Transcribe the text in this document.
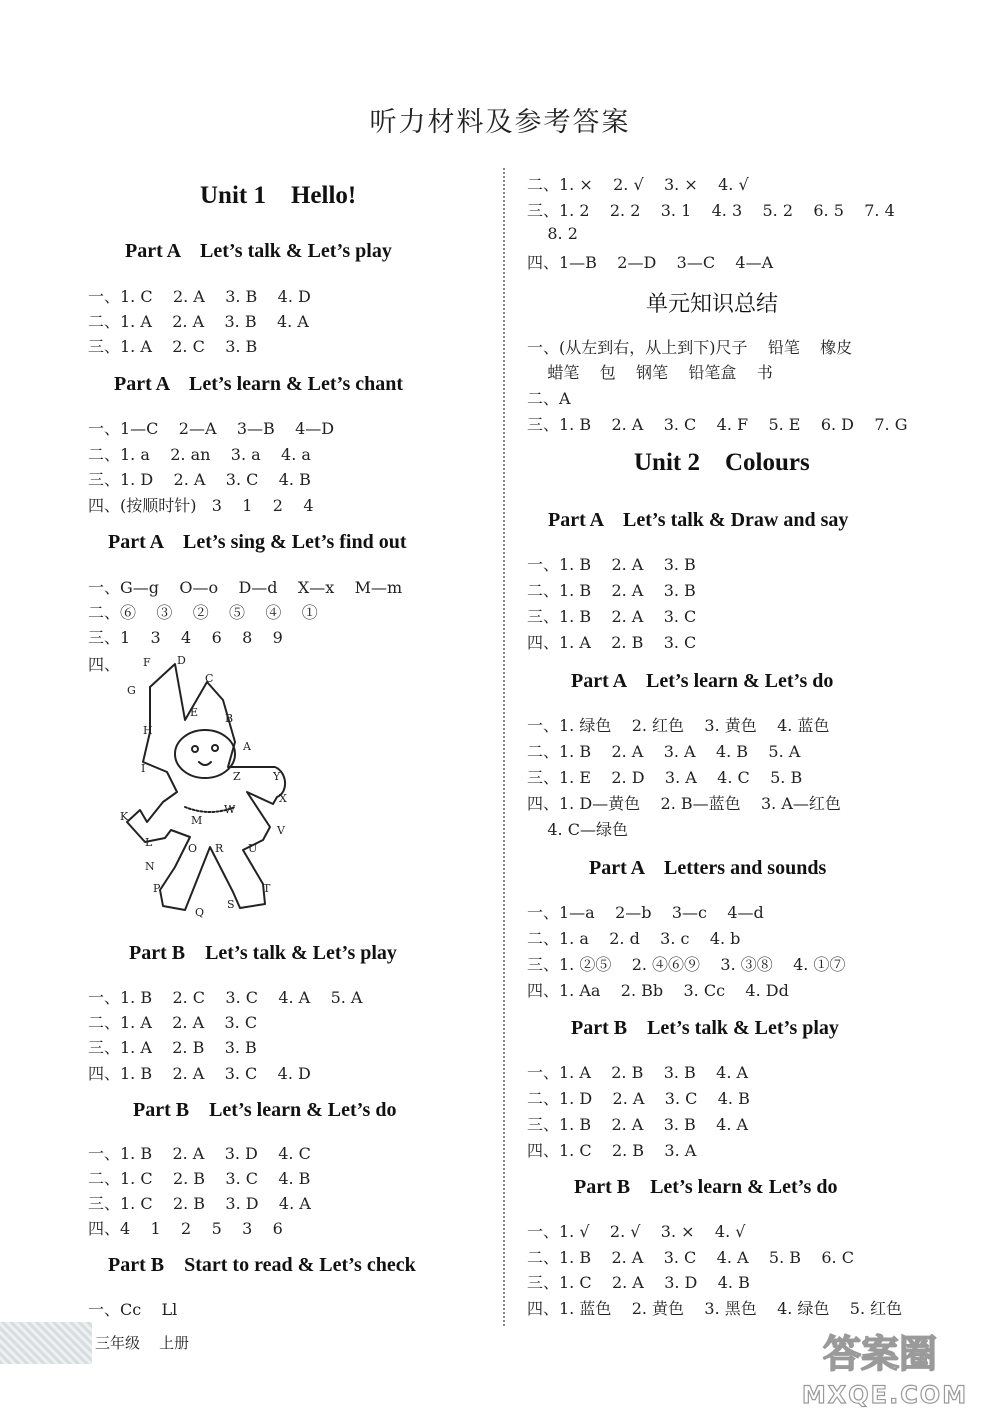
听力材料及参考答案
Unit 1    Hello!
Part A    Let’s talk & Let’s play
一、1. C    2. A    3. B    4. D
二、1. A    2. A    3. B    4. A
三、1. A    2. C    3. B
Part A    Let’s learn & Let’s chant
一、1—C    2—A    3—B    4—D
二、1. a    2. an    3. a    4. a
三、1. D    2. A    3. C    4. B
四、(按顺时针)   3    1    2    4
Part A    Let’s sing & Let’s find out
一、G—g    O—o    D—d    X—x    M—m
二、⑥    ③    ②    ⑤    ④    ①
三、1    3    4    6    8    9
四、
Part B    Let’s talk & Let’s play
一、1. B    2. C    3. C    4. A    5. A
二、1. A    2. A    3. C
三、1. A    2. B    3. B
四、1. B    2. A    3. C    4. D
Part B    Let’s learn & Let’s do
一、1. B    2. A    3. D    4. C
二、1. C    2. B    3. C    4. B
三、1. C    2. B    3. D    4. A
四、4    1    2    5    3    6
Part B    Start to read & Let’s check
一、Cc    Ll
F D
G
C
E B
H
A
I
Z	Y
X
W
K	M
L
V
O R U
N
P	T
S
Q
二、1. ×    2. √    3. ×    4. √
三、1. 2    2. 2    3. 1    4. 3    5. 2    6. 5    7. 4
8. 2
四、1—B    2—D    3—C    4—A
单元知识总结
一、(从左到右，从上到下)尺子    铅笔    橡皮
蜡笔    包    钢笔    铅笔盒    书
二、A
三、1. B    2. A    3. C    4. F    5. E    6. D    7. G
Unit 2    Colours
Part A    Let’s talk & Draw and say
一、1. B    2. A    3. B
二、1. B    2. A    3. B
三、1. B    2. A    3. C
四、1. A    2. B    3. C
Part A    Let’s learn & Let’s do
一、1. 绿色    2. 红色    3. 黄色    4. 蓝色
二、1. B    2. A    3. A    4. B    5. A
三、1. E    2. D    3. A    4. C    5. B
四、1. D—黄色    2. B—蓝色    3. A—红色
4. C—绿色
Part A    Letters and sounds
一、1—a    2—b    3—c    4—d
二、1. a    2. d    3. c    4. b
三、1. ②⑤    2. ④⑥⑨    3. ③⑧    4. ①⑦
四、1. Aa    2. Bb    3. Cc    4. Dd
Part B    Let’s talk & Let’s play
一、1. A    2. B    3. B    4. A
二、1. D    2. A    3. C    4. B
三、1. B    2. A    3. B    4. A
四、1. C    2. B    3. A
Part B    Let’s learn & Let’s do
一、1. √    2. √    3. ×    4. √
二、1. B    2. A    3. C    4. A    5. B    6. C
三、1. C    2. A    3. D    4. B
四、1. 蓝色    2. 黄色    3. 黑色    4. 绿色    5. 红色
三年级    上册	答案圈
MXQE.COM
